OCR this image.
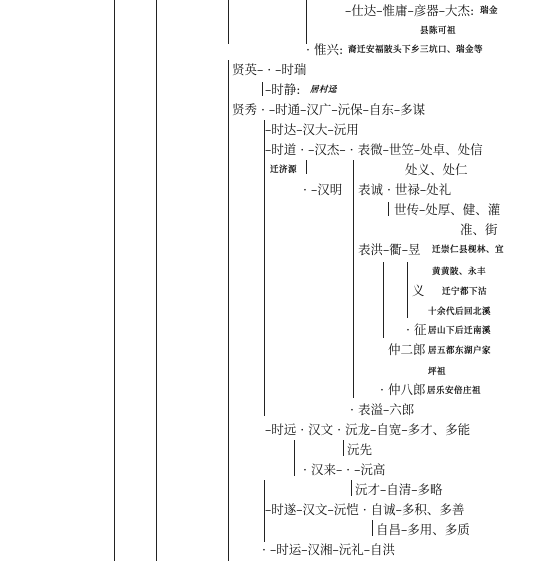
–仕达–惟庸–彦器–大杰: 瑞金
县陈可祖
· 惟兴: 裔迁安福陂头下乡三坑口、瑞金等
贤英– · –时瑞
–时静: 居村迳
贤秀 · –时通–汉广–沅保–自东–多谋
–时达–汉大–沅用
–时道 · –汉杰– · 表微–世笠–处卓、处信
迁济源	处义、处仁
· –汉明 表诚 · 世禄–处礼
世传–处厚、健、灌
准、街
表洪–衢–昱 迁崇仁县枧林、宜
黄黄陂、永丰
义 迁宁都下沽
十余代后回北溪
· 征 居山下后迁南溪
仲二郎 居五都东湖户家
坪祖
· 仲八郎 居乐安倍庄祖
· 表溢–六郎
–时远 · 汉文 · 沅龙–自宽–多才、多能
沅先
· 汉来– · –沅高
沅才–自清–多略
–时遂–汉文–沅恺 · 自诚–多积、多善
自昌–多用、多质
· –时运–汉湘–沅礼–自洪
